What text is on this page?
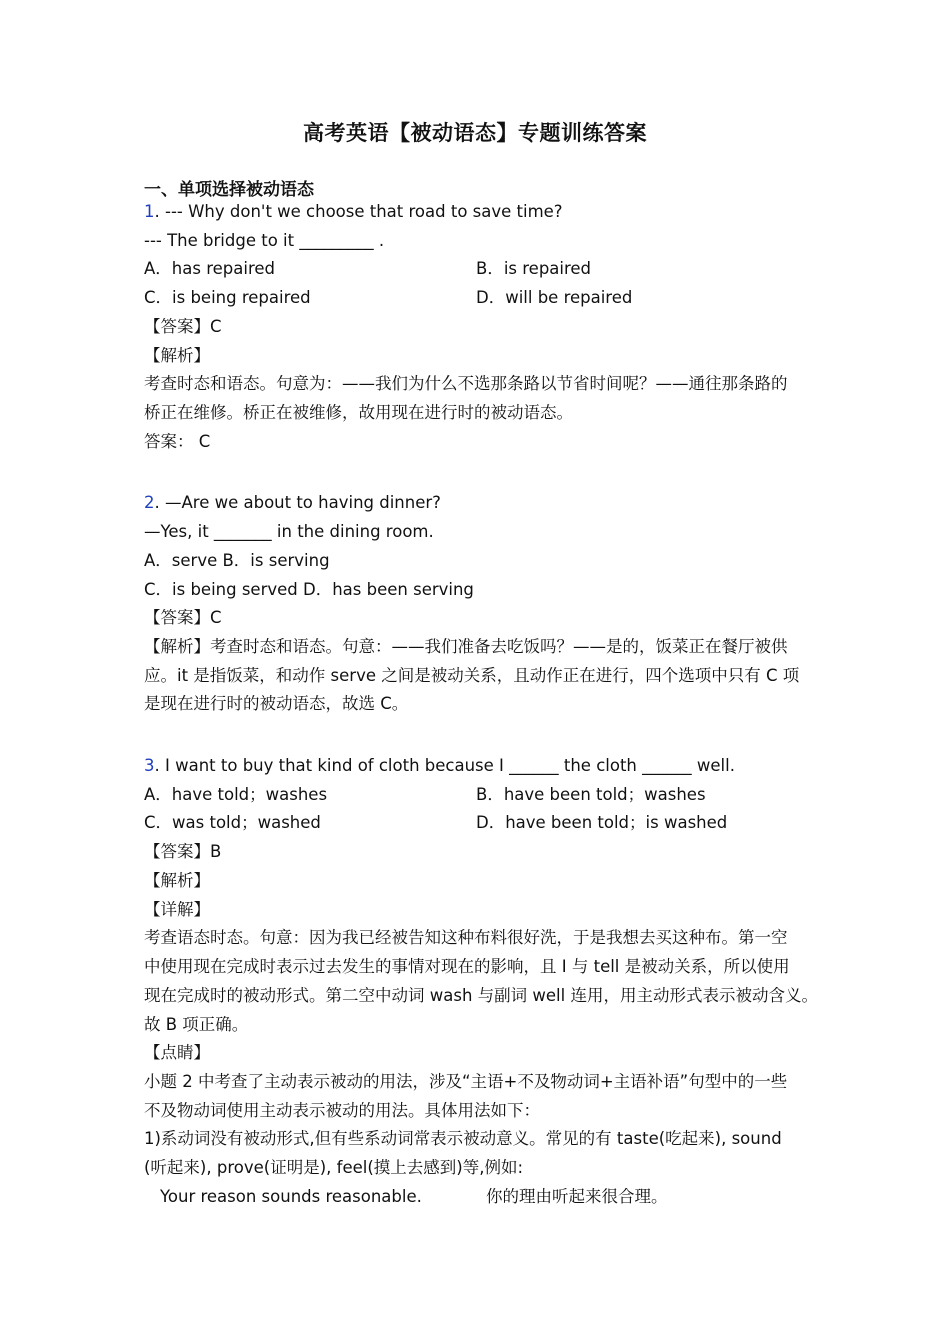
高考英语【被动语态】专题训练答案
一、单项选择被动语态
1. --- Why don't we choose that road to save time?
--- The bridge to it _________ .
A．has repaired	B．is repaired
C．is being repaired	D．will be repaired
【答案】C
【解析】
考查时态和语态。句意为：——我们为什么不选那条路以节省时间呢？——通往那条路的
桥正在维修。桥正在被维修，故用现在进行时的被动语态。
答案： C
2. —Are we about to having dinner?
—Yes, it _______ in the dining room.
A．serve B．is serving
C．is being served D．has been serving
【答案】C
【解析】考查时态和语态。句意：——我们准备去吃饭吗？——是的，饭菜正在餐厅被供
应。it 是指饭菜，和动作 serve 之间是被动关系，且动作正在进行，四个选项中只有 C 项
是现在进行时的被动语态，故选 C。
3. I want to buy that kind of cloth because I ______ the cloth ______ well.
A．have told；washes	B．have been told；washes
C．was told；washed	D．have been told；is washed
【答案】B
【解析】
【详解】
考查语态时态。句意：因为我已经被告知这种布料很好洗，于是我想去买这种布。第一空
中使用现在完成时表示过去发生的事情对现在的影响，且 I 与 tell 是被动关系，所以使用
现在完成时的被动形式。第二空中动词 wash 与副词 well 连用，用主动形式表示被动含义。
故 B 项正确。
【点睛】
小题 2 中考查了主动表示被动的用法，涉及“主语+不及物动词+主语补语”句型中的一些
不及物动词使用主动表示被动的用法。具体用法如下：
1)系动词没有被动形式,但有些系动词常表示被动意义。常见的有 taste(吃起来), sound
(听起来), prove(证明是), feel(摸上去感到)等,例如:
Your reason sounds reasonable.	你的理由听起来很合理。
